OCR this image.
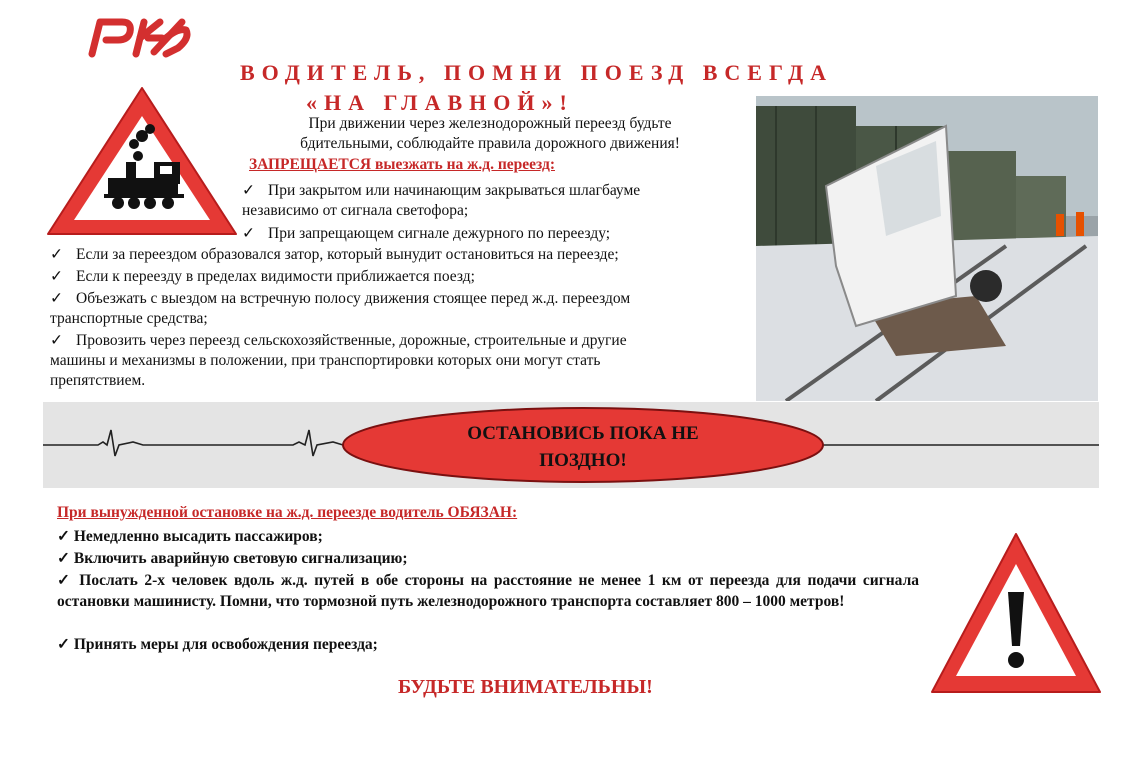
ВОДИТЕЛЬ, ПОМНИ ПОЕЗД ВСЕГДА
«НА ГЛАВНОЙ»!
При движении через железнодорожный переезд будьте
бдительными, соблюдайте правила дорожного движения!
ЗАПРЕЩАЕТСЯ выезжать на ж.д. переезд:
✓ При закрытом или начинающим закрываться шлагбауме
независимо от сигнала светофора;
✓ При запрещающем сигнале дежурного по переезду;
✓ Если за переездом образовался затор, который вынудит остановиться на переезде;
✓ Если к переезду в пределах видимости приближается поезд;
✓ Объезжать с выездом на встречную полосу движения стоящее перед ж.д. переездом
транспортные средства;
✓ Провозить через переезд сельскохозяйственные, дорожные, строительные и другие
машины и механизмы в положении, при транспортировки которых они могут стать
препятствием.
ОСТАНОВИСЬ ПОКА НЕ
ПОЗДНО!
При вынужденной остановке на ж.д. переезде водитель ОБЯЗАН:
✓ Немедленно высадить пассажиров;
✓ Включить аварийную световую сигнализацию;
✓ Послать 2-х человек вдоль ж.д. путей в обе стороны на расстояние не менее 1 км от переезда для подачи сигнала остановки машинисту. Помни, что тормозной путь железнодорожного транспорта составляет 800 – 1000 метров!
✓ Принять меры для освобождения переезда;
БУДЬТЕ ВНИМАТЕЛЬНЫ!
